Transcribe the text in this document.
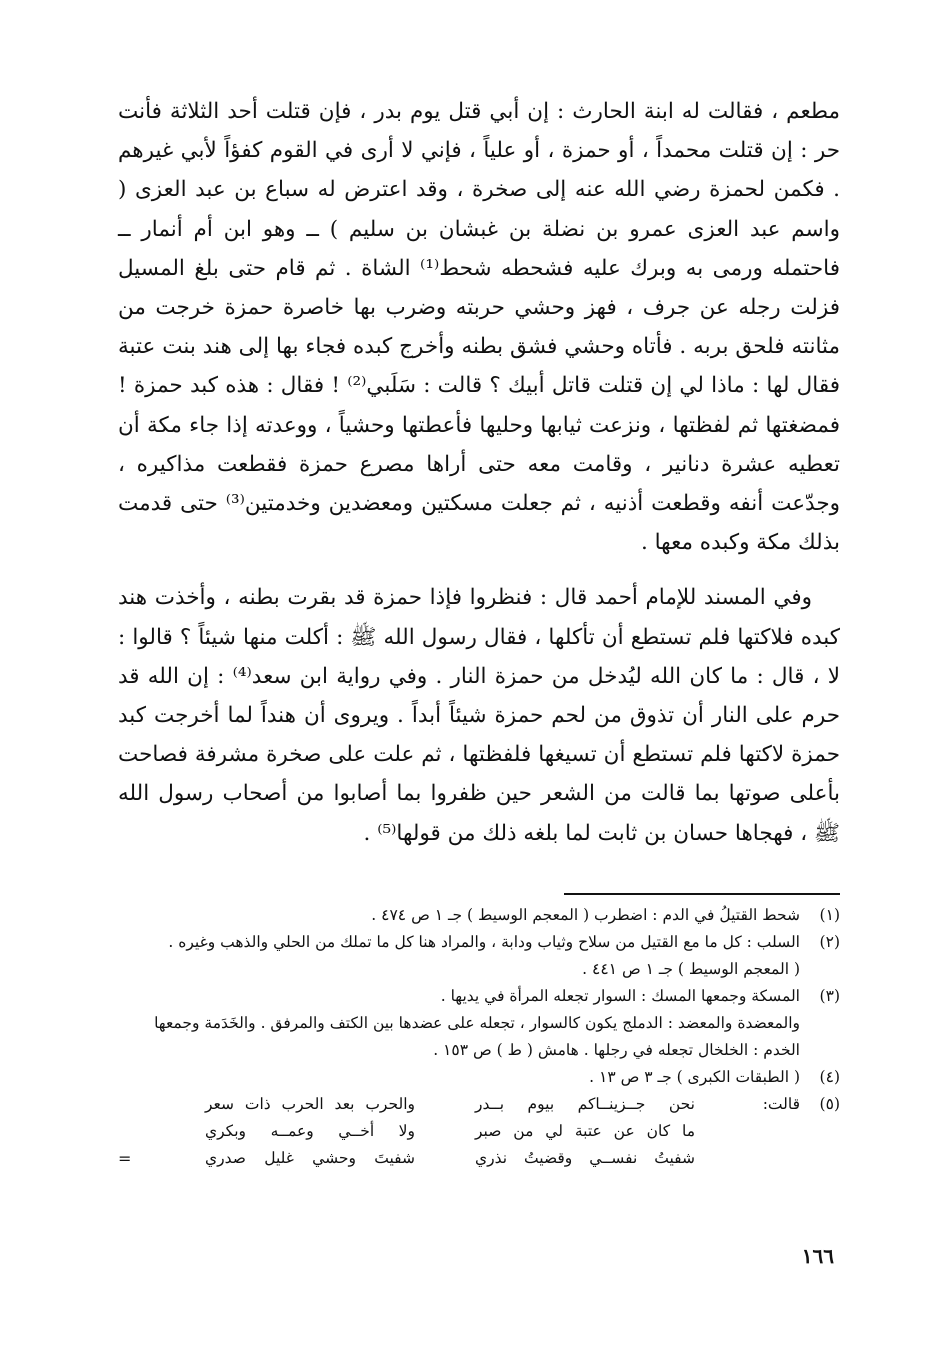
مطعم ، فقالت له ابنة الحارث : إن أبي قتل يوم بدر ، فإن قتلت أحد الثلاثة فأنت حر : إن قتلت محمداً ، أو حمزة ، أو علياً ، فإني لا أرى في القوم كفؤاً لأبي غيرهم . فكمن لحمزة رضي الله عنه إلى صخرة ، وقد اعترض له سباع بن عبد العزى ( واسم عبد العزى عمرو بن نضلة بن غبشان بن سليم ) ــ وهو ابن أم أنمار ــ فاحتمله ورمى به وبرك عليه فشحطه شحط⁽¹⁾ الشاة . ثم قام حتى بلغ المسيل فزلت رجله عن جرف ، فهز وحشي حربته وضرب بها خاصرة حمزة خرجت من مثانته فلحق بربه . فأتاه وحشي فشق بطنه وأخرج كبده فجاء بها إلى هند بنت عتبة فقال لها : ماذا لي إن قتلت قاتل أبيك ؟ قالت : سَلَبي⁽²⁾ ! فقال : هذه كبد حمزة ! فمضغتها ثم لفظتها ، ونزعت ثيابها وحليها فأعطتها وحشياً ، ووعدته إذا جاء مكة أن تعطيه عشرة دنانير ، وقامت معه حتى أراها مصرع حمزة فقطعت مذاكيره ، وجدّعت أنفه وقطعت أذنيه ، ثم جعلت مسكتين ومعضدين وخدمتين⁽³⁾ حتى قدمت بذلك مكة وكبده معها .

وفي المسند للإمام أحمد قال : فنظروا فإذا حمزة قد بقرت بطنه ، وأخذت هند كبده فلاكتها فلم تستطع أن تأكلها ، فقال رسول الله ﷺ : أكلت منها شيئاً ؟ قالوا : لا ، قال : ما كان الله ليُدخل من حمزة النار . وفي رواية ابن سعد⁽⁴⁾ : إن الله قد حرم على النار أن تذوق من لحم حمزة شيئاً أبداً . ويروى أن هنداً لما أخرجت كبد حمزة لاكتها فلم تستطع أن تسيغها فلفظتها ، ثم علت على صخرة مشرفة فصاحت بأعلى صوتها بما قالت من الشعر حين ظفروا بما أصابوا من أصحاب رسول الله ﷺ ، فهجاها حسان بن ثابت لما بلغه ذلك من قولها⁽⁵⁾ .

(١)
شحط القتيلُ في الدم : اضطرب ( المعجم الوسيط ) جـ ١ ص ٤٧٤ .
(٢)
السلب : كل ما مع القتيل من سلاح وثياب ودابة ، والمراد هنا كل ما تملك من الحلي والذهب وغيره .
( المعجم الوسيط ) جـ ١ ص ٤٤١ .
(٣)
المسكة وجمعها المسك : السوار تجعله المرأة في يديها .
والمعضدة والمعضد : الدملج يكون كالسوار ، تجعله على عضدها بين الكتف والمرفق . والخَدَمة وجمعها
الخدم : الخلخال تجعله في رجلها . هامش ( ط ) ص ١٥٣ .
(٤)
( الطبقات الكبرى ) جـ ٣ ص ١٣ .
(٥)
قالت:
نحن جــزينــاكم بيوم بــدر
ما كان عن عتبة لي من صبر
شفيتُ نفســي وقضيتُ نذري
والحرب بعد الحرب ذات سعر
ولا أخــي وعمــه وبكري
شفيتَ وحشي غليل صدري
=
١٦٦
